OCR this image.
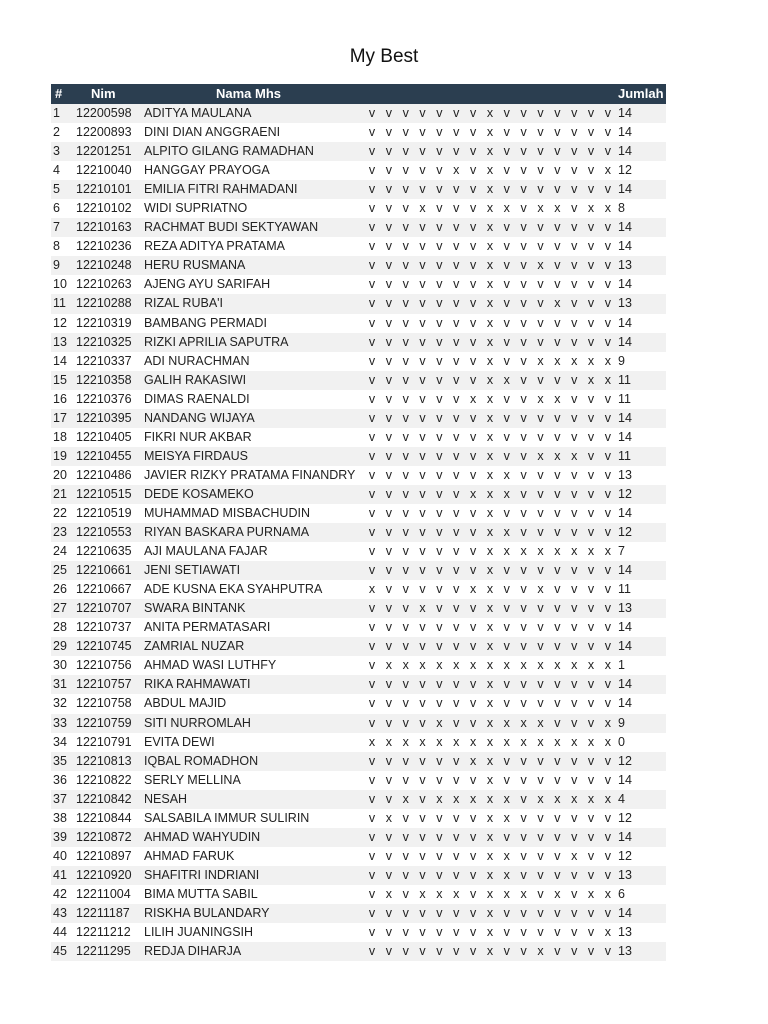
My Best
# Nim	Nama Mhs	Jumlah
1 12200598 ADITYA MAULANA	v v v v v v v x v v v v v v v 14
2 12200893 DINI DIAN ANGGRAENI	v v v v v v v x v v v v v v v 14
3 12201251 ALPITO GILANG RAMADHAN	v v v v v v v x v v v v v v v 14
4 12210040 HANGGAY PRAYOGA	v v v v v x v x v v v v v v x 12
5 12210101 EMILIA FITRI RAHMADANI	v v v v v v v x v v v v v v v 14
6 12210102 WIDI SUPRIATNO	v v v x v v v x x v x x v x x 8
7 12210163 RACHMAT BUDI SEKTYAWAN	v v v v v v v x v v v v v v v 14
8 12210236 REZA ADITYA PRATAMA	v v v v v v v x v v v v v v v 14
9 12210248 HERU RUSMANA	v v v v v v v x v v x v v v v 13
10 12210263 AJENG AYU SARIFAH	v v v v v v v x v v v v v v v 14
11 12210288 RIZAL RUBA'I	v v v v v v v x v v v x v v v 13
12 12210319 BAMBANG PERMADI	v v v v v v v x v v v v v v v 14
13 12210325 RIZKI APRILIA SAPUTRA	v v v v v v v x v v v v v v v 14
14 12210337 ADI NURACHMAN	v v v v v v v x v v x x x x x 9
15 12210358 GALIH RAKASIWI	v v v v v v v x x v v v v x x 11
16 12210376 DIMAS RAENALDI	v v v v v v x x v v x x v v v 11
17 12210395 NANDANG WIJAYA	v v v v v v v x v v v v v v v 14
18 12210405 FIKRI NUR AKBAR	v v v v v v v x v v v v v v v 14
19 12210455 MEISYA FIRDAUS	v v v v v v v x v v x x x v v 11
20 12210486 JAVIER RIZKY PRATAMA FINANDRY v v v v v v v x x v v v v v v 13
21 12210515 DEDE KOSAMEKO	v v v v v v x x x v v v v v v 12
22 12210519 MUHAMMAD MISBACHUDIN	v v v v v v v x v v v v v v v 14
23 12210553 RIYAN BASKARA PURNAMA	v v v v v v v x x v v v v v v 12
24 12210635 AJI MAULANA FAJAR	v v v v v v v x x x x x x x x 7
25 12210661 JENI SETIAWATI	v v v v v v v x v v v v v v v 14
26 12210667 ADE KUSNA EKA SYAHPUTRA	x v v v v v x x v v x v v v v 11
27 12210707 SWARA BINTANK	v v v x v v v x v v v v v v v 13
28 12210737 ANITA PERMATASARI	v v v v v v v x v v v v v v v 14
29 12210745 ZAMRIAL NUZAR	v v v v v v v x v v v v v v v 14
30 12210756 AHMAD WASI LUTHFY	v x x x x x x x x x x x x x x 1
31 12210757 RIKA RAHMAWATI	v v v v v v v x v v v v v v v 14
32 12210758 ABDUL MAJID	v v v v v v v x v v v v v v v 14
33 12210759 SITI NURROMLAH	v v v v x v v x x x x v v v x 9
34 12210791 EVITA DEWI	x x x x x x x x x x x x x x x 0
35 12210813 IQBAL ROMADHON	v v v v v v x x v v v v v v v 12
36 12210822 SERLY MELLINA	v v v v v v v x v v v v v v v 14
37 12210842 NESAH	v v x v x x x x x v x x x x x 4
38 12210844 SALSABILA IMMUR SULIRIN	v x v v v v v x x v v v v v v 12
39 12210872 AHMAD WAHYUDIN	v v v v v v v x v v v v v v v 14
40 12210897 AHMAD FARUK	v v v v v v v x x v v v x v v 12
41 12210920 SHAFITRI INDRIANI	v v v v v v v x x v v v v v v 13
42 12211004 BIMA MUTTA SABIL	v x v x x x v x x x v x v x x 6
43 12211187 RISKHA BULANDARY	v v v v v v v x v v v v v v v 14
44 12211212 LILIH JUANINGSIH	v v v v v v v x v v v v v v x 13
45 12211295 REDJA DIHARJA	v v v v v v v x v v x v v v v 13
